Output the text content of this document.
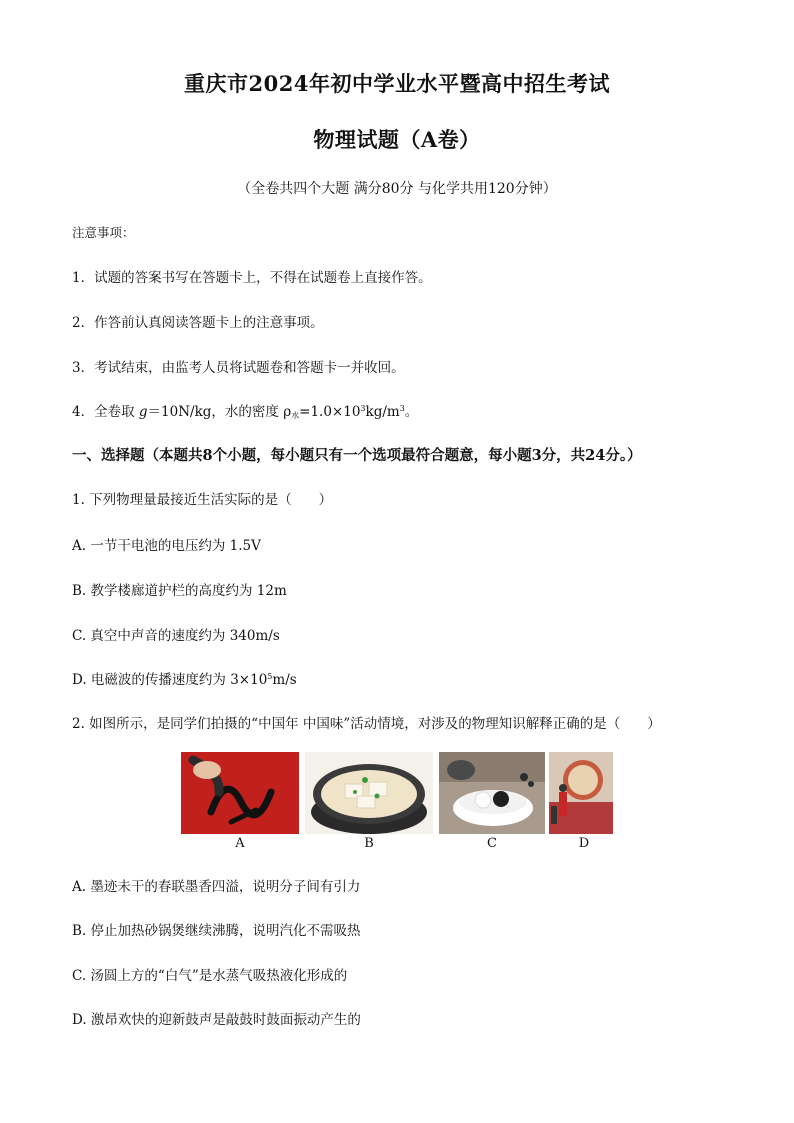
重庆市2024年初中学业水平暨高中招生考试
物理试题（A卷）
（全卷共四个大题 满分80分 与化学共用120分钟）
注意事项：
1．试题的答案书写在答题卡上，不得在试题卷上直接作答。
2．作答前认真阅读答题卡上的注意事项。
3．考试结束，由监考人员将试题卷和答题卡一并收回。
4．全卷取 g＝10N/kg，水的密度 $\rho_水=1.0\times 10^3kg/m^3$。
一、选择题（本题共8个小题，每小题只有一个选项最符合题意，每小题3分，共24分。）
1. 下列物理量最接近生活实际的是（　　）
A. 一节干电池的电压约为 1.5V
B. 教学楼廊道护栏的高度约为 12m
C. 真空中声音的速度约为 340m/s
D. 电磁波的传播速度约为 $3\times 10^5m/s$
2. 如图所示，是同学们拍摄的“中国年 中国味”活动情境，对涉及的物理知识解释正确的是（　　）
A	B	C	D
A. 墨迹未干的春联墨香四溢，说明分子间有引力
B. 停止加热砂锅煲继续沸腾，说明汽化不需吸热
C. 汤圆上方的“白气”是水蒸气吸热液化形成的
D. 激昂欢快的迎新鼓声是敲鼓时鼓面振动产生的
